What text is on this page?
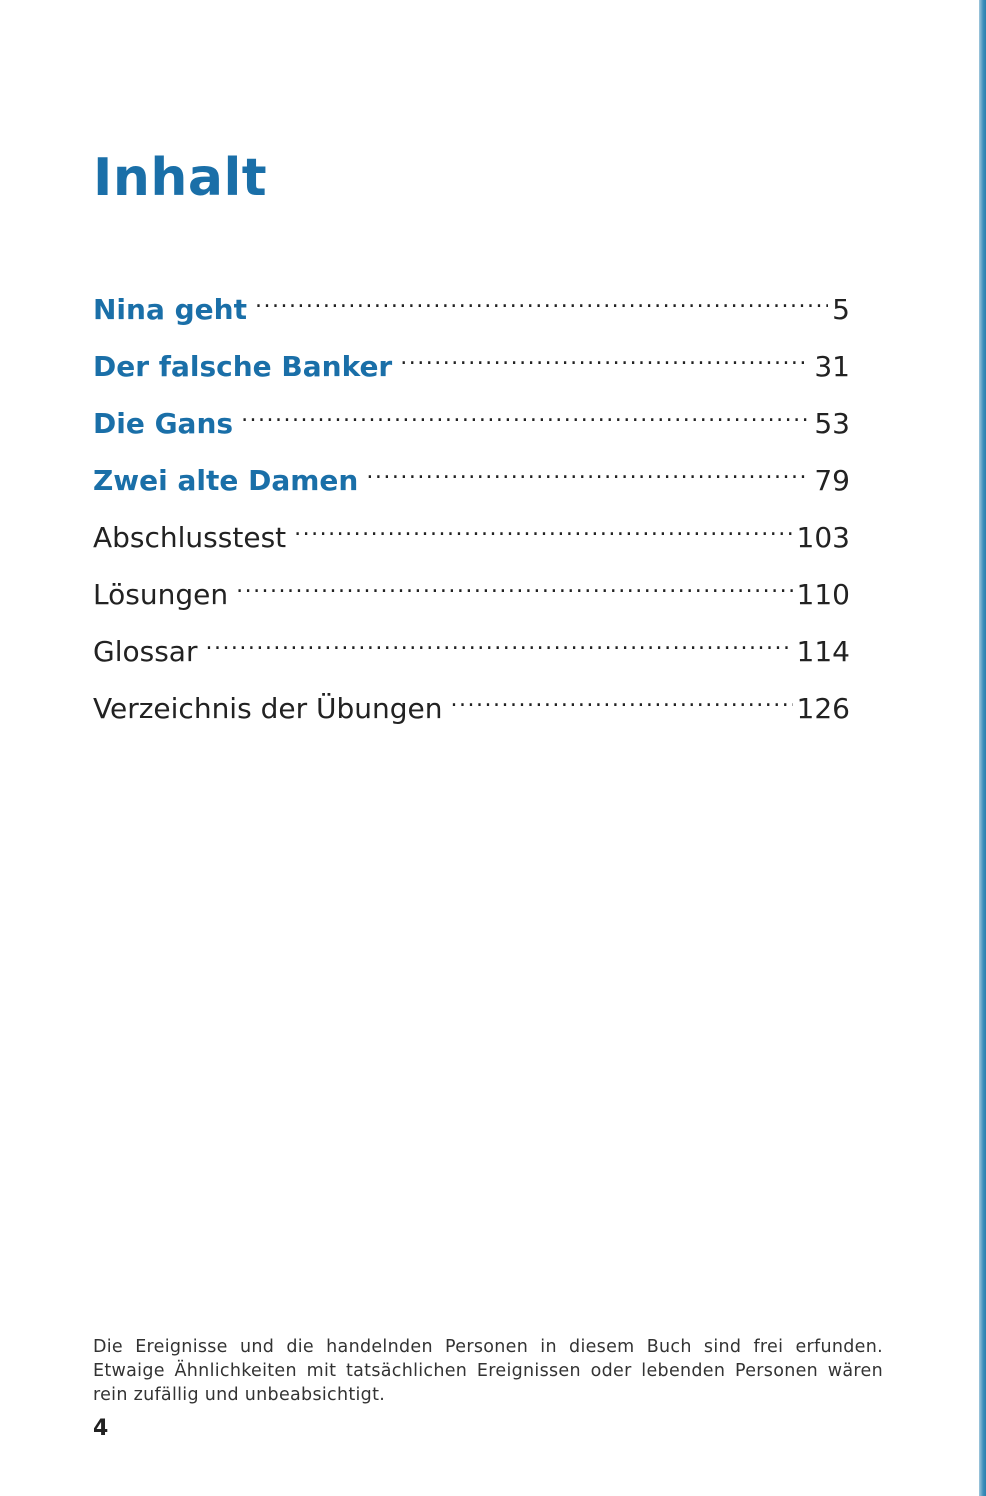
Inhalt
Nina geht .....	5
Der falsche Banker .....	31
Die Gans .....	53
Zwei alte Damen .....	79
Abschlusstest .....	103
Lösungen .....	110
Glossar .....	114
Verzeichnis der Übungen .....	126

Die Ereignisse und die handelnden Personen in diesem Buch sind frei erfunden. Etwaige Ähnlichkeiten mit tatsächlichen Ereignissen oder lebenden Personen wären rein zufällig und unbeabsichtigt.

4
